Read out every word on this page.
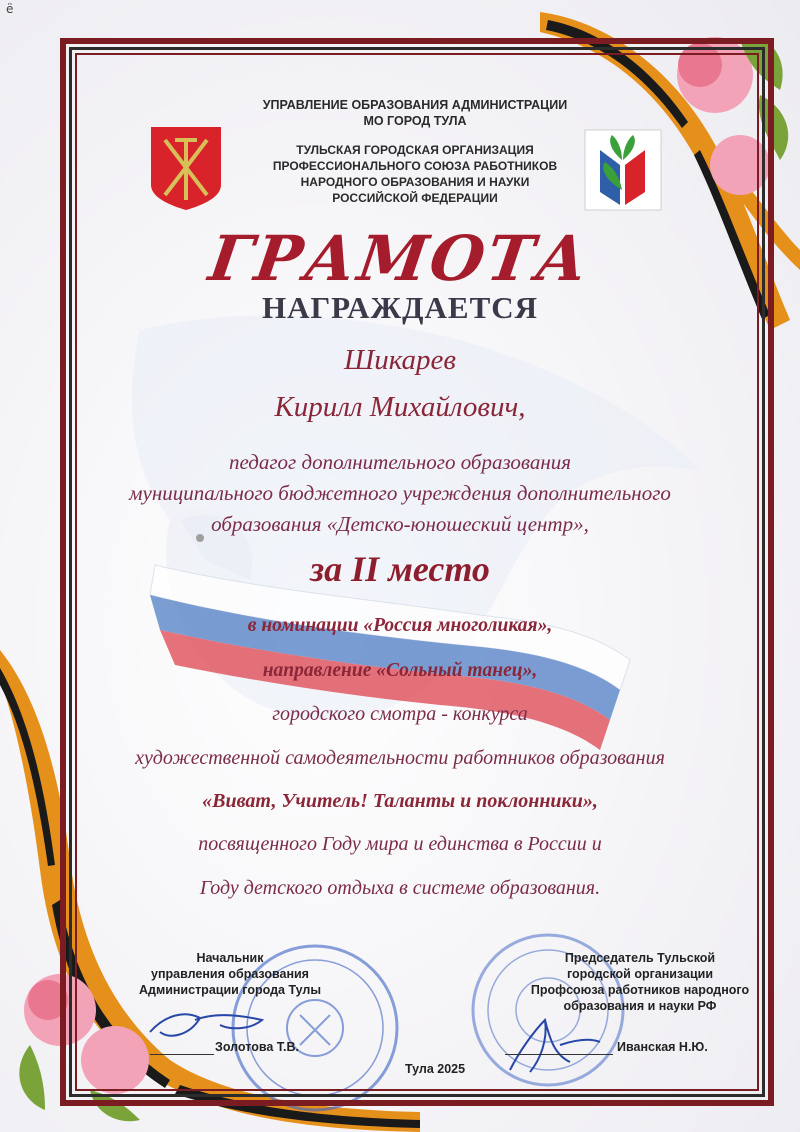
ё
УПРАВЛЕНИЕ ОБРАЗОВАНИЯ АДМИНИСТРАЦИИ
МО ГОРОД ТУЛА
ТУЛЬСКАЯ ГОРОДСКАЯ ОРГАНИЗАЦИЯ
ПРОФЕССИОНАЛЬНОГО СОЮЗА РАБОТНИКОВ
НАРОДНОГО ОБРАЗОВАНИЯ И НАУКИ
РОССИЙСКОЙ ФЕДЕРАЦИИ
ГРАМОТА
НАГРАЖДАЕТСЯ
Шикарев
Кирилл Михайлович,
педагог дополнительного образования
муниципального бюджетного учреждения дополнительного
образования «Детско-юношеский центр»,
за II место
в номинации «Россия многоликая»,
направление «Сольный танец»,
городского смотра - конкурса
художественной самодеятельности работников образования
«Виват, Учитель! Таланты и поклонники»,
посвященного Году мира и единства в России и
Году детского отдыха в системе образования.
Начальник
управления образования
Администрации города Тулы
Золотова Т.В.
Председатель Тульской
городской организации
Профсоюза работников народного
образования и науки РФ
Иванская Н.Ю.
Тула 2025
